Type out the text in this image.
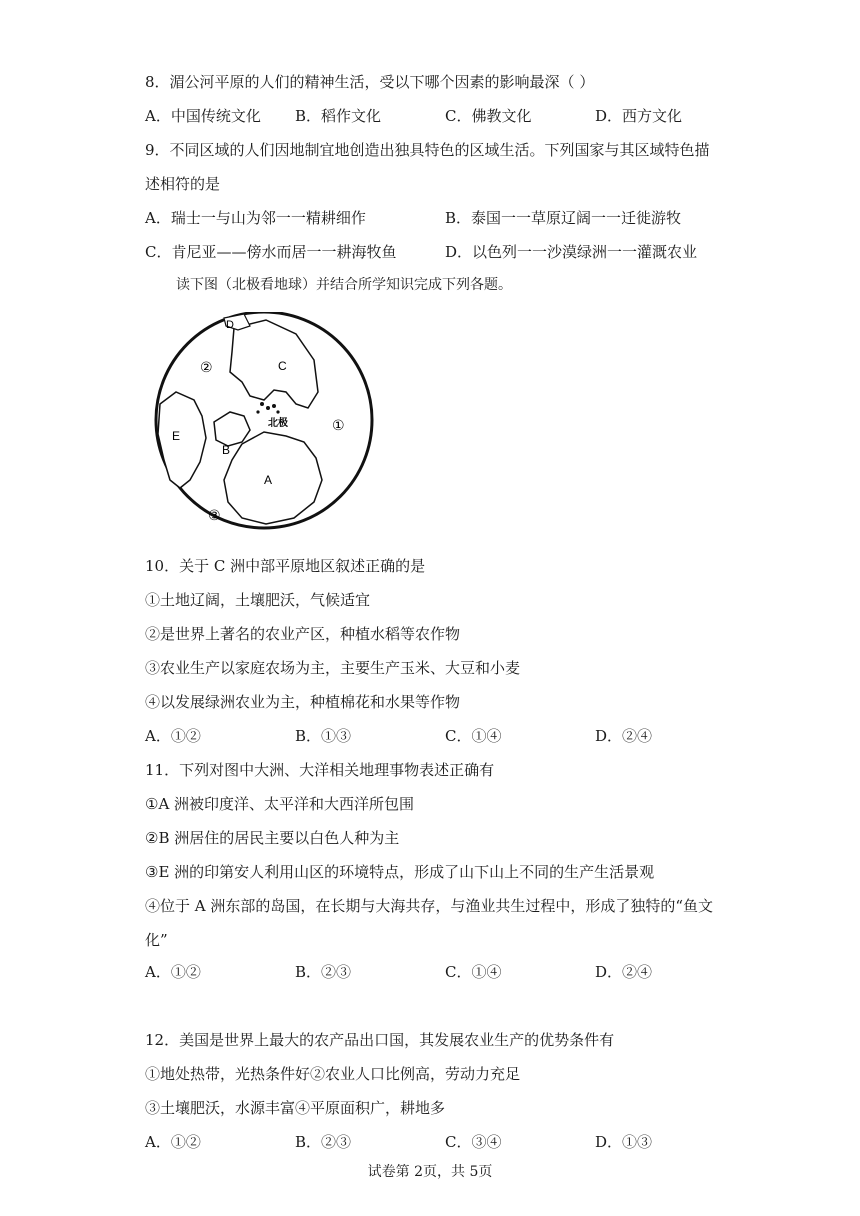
8．湄公河平原的人们的精神生活，受以下哪个因素的影响最深（ ）
A．中国传统文化 B．稻作文化	C．佛教文化	D．西方文化
9．不同区域的人们因地制宜地创造出独具特色的区域生活。下列国家与其区域特色描
述相符的是
A．瑞士一与山为邻一一精耕细作	B．泰国一一草原辽阔一一迁徙游牧
C．肯尼亚——傍水而居一一耕海牧鱼	D．以色列一一沙漠绿洲一一灌溉农业
读下图（北极看地球）并结合所学知识完成下列各题。
D
C
②
①
北极
E
B
A
③
10．关于 C 洲中部平原地区叙述正确的是
①土地辽阔，土壤肥沃，气候适宜
②是世界上著名的农业产区，种植水稻等农作物
③农业生产以家庭农场为主，主要生产玉米、大豆和小麦
④以发展绿洲农业为主，种植棉花和水果等作物
A．①②	B．①③	C．①④	D．②④
11．下列对图中大洲、大洋相关地理事物表述正确有
①A 洲被印度洋、太平洋和大西洋所包围
②B 洲居住的居民主要以白色人种为主
③E 洲的印第安人利用山区的环境特点，形成了山下山上不同的生产生活景观
④位于 A 洲东部的岛国，在长期与大海共存，与渔业共生过程中，形成了独特的“鱼文
化”
A．①②	B．②③	C．①④	D．②④
12．美国是世界上最大的农产品出口国，其发展农业生产的优势条件有
①地处热带，光热条件好②农业人口比例高，劳动力充足
③土壤肥沃，水源丰富④平原面积广，耕地多
A．①②	B．②③	C．③④	D．①③
试卷第 2页，共 5页
